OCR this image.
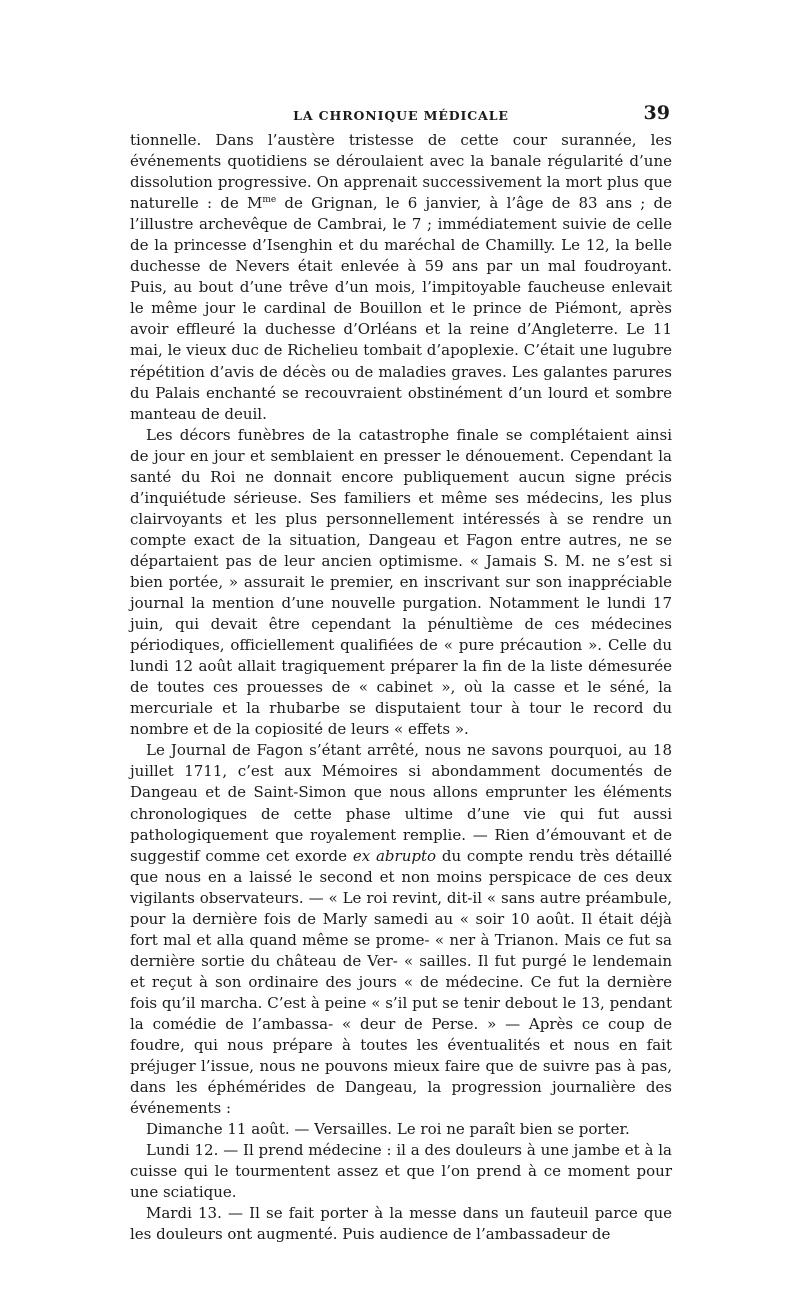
LA CHRONIQUE MÉDICALE	39

tionnelle. Dans l’austère tristesse de cette cour surannée, les événements quotidiens se déroulaient avec la banale régularité d’une dissolution progressive. On apprenait successivement la mort plus que naturelle : de $M^{me}$ de Grignan, le 6 janvier, à l’âge de 83 ans ; de l’illustre archevêque de Cambrai, le 7 ; immédiatement suivie de celle de la princesse d’Isenghin et du maréchal de Chamilly. Le 12, la belle duchesse de Nevers était enlevée à 59 ans par un mal foudroyant. Puis, au bout d’une trêve d’un mois, l’impitoyable faucheuse enlevait le même jour le cardinal de Bouillon et le prince de Piémont, après avoir effleuré la duchesse d’Orléans et la reine d’Angleterre. Le 11 mai, le vieux duc de Richelieu tombait d’apoplexie. C’était une lugubre répétition d’avis de décès ou de maladies graves. Les galantes parures du Palais enchanté se recouvraient obstinément d’un lourd et sombre manteau de deuil.

Les décors funèbres de la catastrophe finale se complétaient ainsi de jour en jour et semblaient en presser le dénouement. Cependant la santé du Roi ne donnait encore publiquement aucun signe précis d’inquiétude sérieuse. Ses familiers et même ses médecins, les plus clairvoyants et les plus personnellement intéressés à se rendre un compte exact de la situation, Dangeau et Fagon entre autres, ne se départaient pas de leur ancien optimisme. « Jamais S. M. ne s’est si bien portée, » assurait le premier, en inscrivant sur son inappréciable journal la mention d’une nouvelle purgation. Notamment le lundi 17 juin, qui devait être cependant la pénultième de ces médecines périodiques, officiellement qualifiées de « pure précaution ». Celle du lundi 12 août allait tragiquement préparer la fin de la liste démesurée de toutes ces prouesses de « cabinet », où la casse et le séné, la mercuriale et la rhubarbe se disputaient tour à tour le record du nombre et de la copiosité de leurs « effets ».

Le Journal de Fagon s’étant arrêté, nous ne savons pourquoi, au 18 juillet 1711, c’est aux Mémoires si abondamment documentés de Dangeau et de Saint-Simon que nous allons emprunter les éléments chronologiques de cette phase ultime d’une vie qui fut aussi pathologiquement que royalement remplie. — Rien d’émouvant et de suggestif comme cet exorde ex abrupto du compte rendu très détaillé que nous en a laissé le second et non moins perspicace de ces deux vigilants observateurs. — « Le roi revint, dit-il « sans autre préambule, pour la dernière fois de Marly samedi au « soir 10 août. Il était déjà fort mal et alla quand même se prome- « ner à Trianon. Mais ce fut sa dernière sortie du château de Ver- « sailles. Il fut purgé le lendemain et reçut à son ordinaire des jours « de médecine. Ce fut la dernière fois qu’il marcha. C’est à peine « s’il put se tenir debout le 13, pendant la comédie de l’ambassa- « deur de Perse. » — Après ce coup de foudre, qui nous prépare à toutes les éventualités et nous en fait préjuger l’issue, nous ne pouvons mieux faire que de suivre pas à pas, dans les éphémérides de Dangeau, la progression journalière des événements :

Dimanche 11 août. — Versailles. Le roi ne paraît bien se porter.

Lundi 12. — Il prend médecine : il a des douleurs à une jambe et à la cuisse qui le tourmentent assez et que l’on prend à ce moment pour une sciatique.

Mardi 13. — Il se fait porter à la messe dans un fauteuil parce que les douleurs ont augmenté. Puis audience de l’ambassadeur de
